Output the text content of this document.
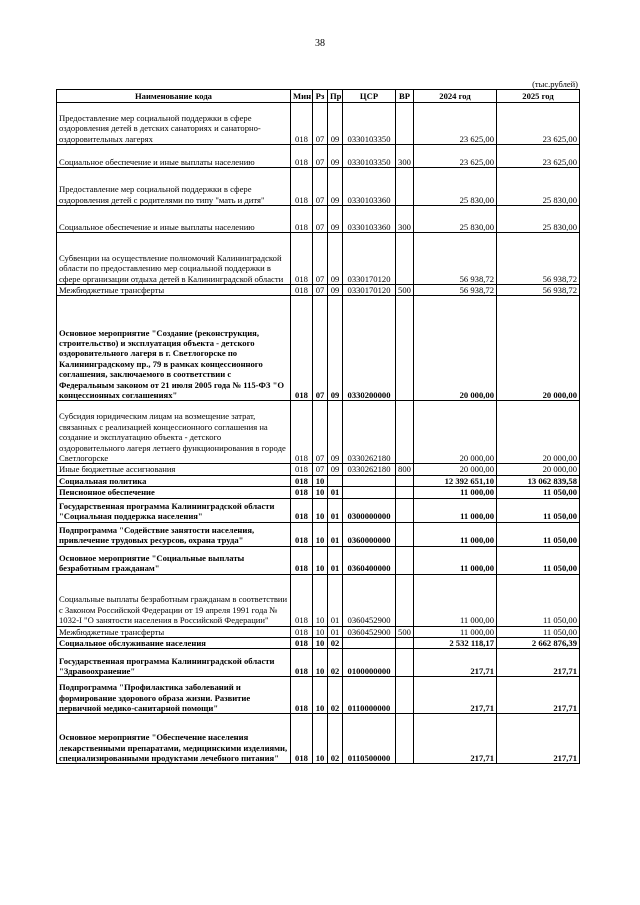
38
(тыс.рублей)
Наименование кода	Мин	Рз	Пр	ЦСР	ВР	2024 год	2025 год
Предоставление мер социальной поддержки в сфере оздоровления детей в детских санаториях и санаторно-оздоровительных лагерях	018	07	09	0330103350		23 625,00	23 625,00
Социальное обеспечение и иные выплаты населению	018	07	09	0330103350	300	23 625,00	23 625,00
Предоставление мер социальной поддержки в сфере оздоровления детей с родителями по типу "мать и дитя"	018	07	09	0330103360		25 830,00	25 830,00
Социальное обеспечение и иные выплаты населению	018	07	09	0330103360	300	25 830,00	25 830,00
Субвенции на осуществление полномочий Калининградской области по предоставлению мер социальной поддержки в сфере организации отдыха детей в Калининградской области	018	07	09	0330170120		56 938,72	56 938,72
Межбюджетные трансферты	018	07	09	0330170120	500	56 938,72	56 938,72
Основное мероприятие "Создание (реконструкция, строительство) и эксплуатация объекта - детского оздоровительного лагеря в г. Светлогорске по Калининградскому пр., 79 в рамках концессионного соглашения, заключаемого в соответствии с Федеральным законом от 21 июля 2005 года № 115-ФЗ "О концессионных соглашениях"	018	07	09	0330200000		20 000,00	20 000,00
Субсидия юридическим лицам на возмещение затрат, связанных с реализацией концессионного соглашения на создание и эксплуатацию объекта - детского оздоровительного лагеря летнего функционирования в городе Светлогорске	018	07	09	0330262180		20 000,00	20 000,00
Иные бюджетные ассигнования	018	07	09	0330262180	800	20 000,00	20 000,00
Социальная политика	018	10				12 392 651,10	13 062 839,58
Пенсионное обеспечение	018	10	01			11 000,00	11 050,00
Государственная программа Калининградской области "Социальная поддержка населения"	018	10	01	0300000000		11 000,00	11 050,00
Подпрограмма "Содействие занятости населения, привлечение трудовых ресурсов, охрана труда"	018	10	01	0360000000		11 000,00	11 050,00
Основное мероприятие "Социальные выплаты безработным гражданам"	018	10	01	0360400000		11 000,00	11 050,00
Социальные выплаты безработным гражданам в соответствии с Законом Российской Федерации от 19 апреля 1991 года № 1032-I "О занятости населения в Российской Федерации"	018	10	01	0360452900		11 000,00	11 050,00
Межбюджетные трансферты	018	10	01	0360452900	500	11 000,00	11 050,00
Социальное обслуживание населения	018	10	02			2 532 118,17	2 662 876,39
Государственная программа Калининградской области "Здравоохранение"	018	10	02	0100000000		217,71	217,71
Подпрограмма "Профилактика заболеваний и формирование здорового образа жизни. Развитие первичной медико-санитарной помощи"	018	10	02	0110000000		217,71	217,71
Основное мероприятие "Обеспечение населения лекарственными препаратами, медицинскими изделиями, специализированными продуктами лечебного питания"	018	10	02	0110500000		217,71	217,71
